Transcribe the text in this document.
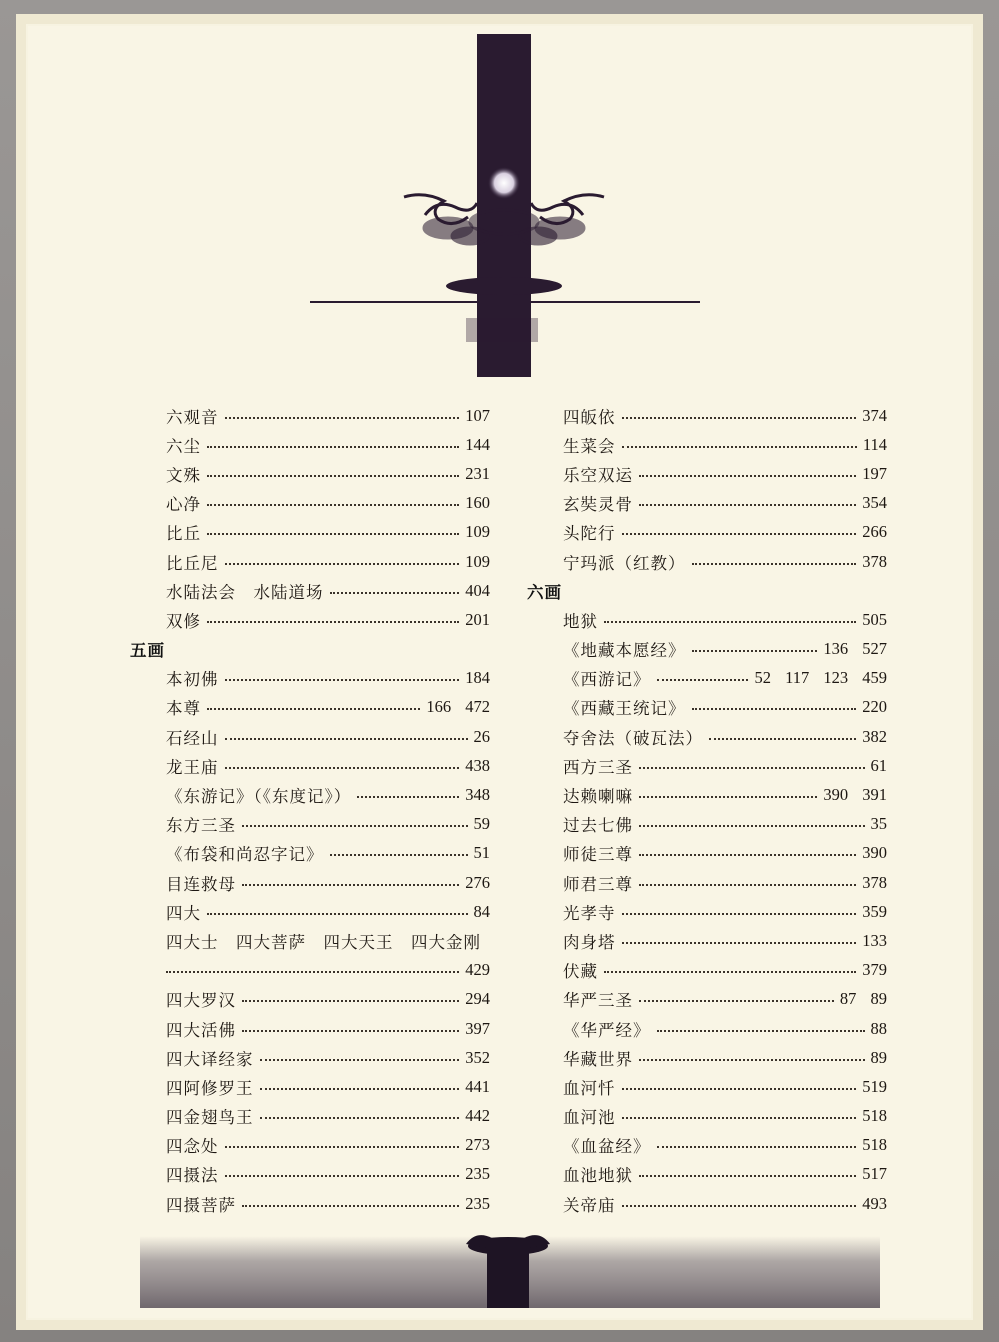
六观音	107
六尘	144
文殊	231
心净	160
比丘	109
比丘尼	109
水陆法会　水陆道场	404
双修	201
五画
本初佛	184
本尊	166 472
石经山	26
龙王庙	438
《东游记》（《东度记》）	348
东方三圣	59
《布袋和尚忍字记》	51
目连救母	276
四大	84
四大士　四大菩萨　四大天王　四大金刚
429
四大罗汉	294
四大活佛	397
四大译经家	352
四阿修罗王	441
四金翅鸟王	442
四念处	273
四摄法	235
四摄菩萨	235
四皈依	374
生菜会	114
乐空双运	197
玄奘灵骨	354
头陀行	266
宁玛派（红教）	378
六画
地狱	505
《地藏本愿经》	136 527
《西游记》	52 117 123 459
《西藏王统记》	220
夺舍法（破瓦法）	382
西方三圣	61
达赖喇嘛	390 391
过去七佛	35
师徒三尊	390
师君三尊	378
光孝寺	359
肉身塔	133
伏藏	379
华严三圣	87 89
《华严经》	88
华藏世界	89
血河忏	519
血河池	518
《血盆经》	518
血池地狱	517
关帝庙	493
